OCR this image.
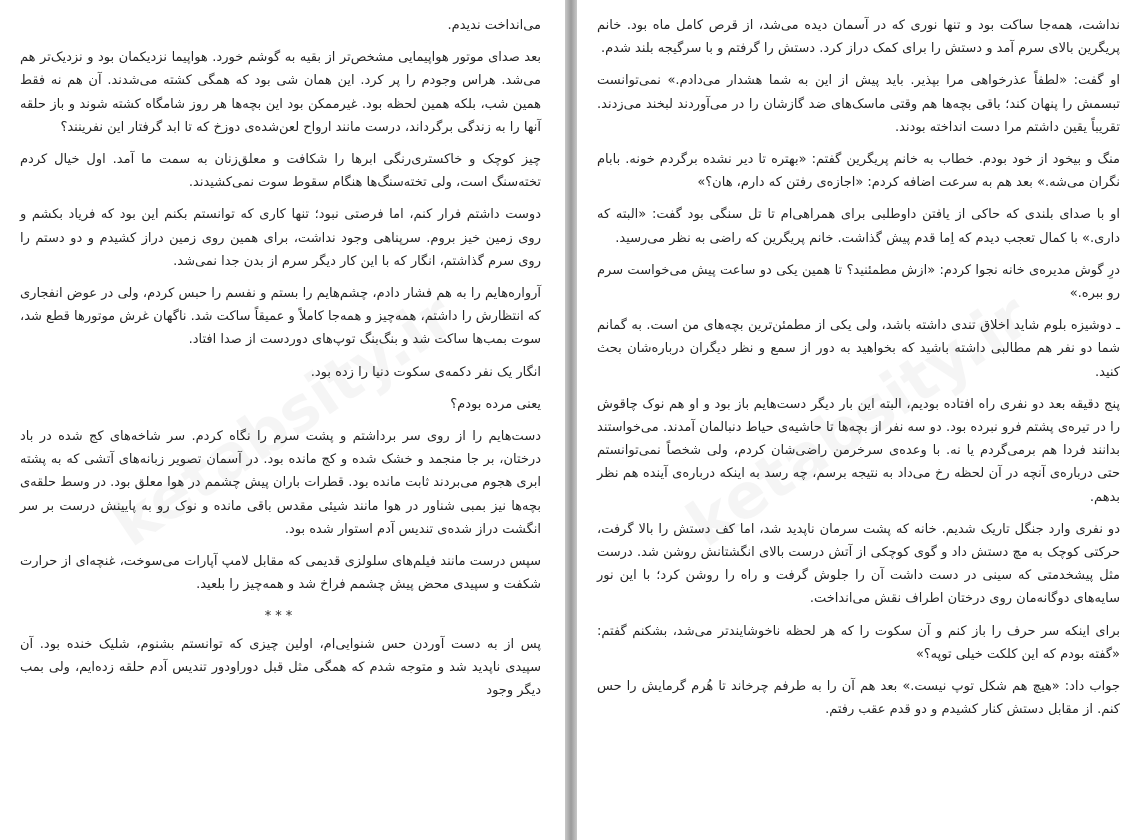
می‌انداخت ندیدم.

بعد صدای موتور هواپیمایی مشخص‌تر از بقیه به گوشم خورد. هواپیما نزدیکمان بود و نزدیک‌تر هم می‌شد. هراس وجودم را پر کرد. این همان شی بود که همگی کشته می‌شدند. آن هم نه فقط همین شب، بلکه همین لحظه بود. غیرممکن بود این بچه‌ها هر روز شامگاه کشته شوند و باز حلقه آنها را به زندگی برگرداند، درست مانند ارواح لعن‌شده‌ی دوزخ که تا ابد گرفتار این نفرینند؟

چیز کوچک و خاکستری‌رنگی ابرها را شکافت و معلق‌زنان به سمت ما آمد. اول خیال کردم تخته‌سنگ است، ولی تخته‌سنگ‌ها هنگام سقوط سوت نمی‌کشیدند.

دوست داشتم فرار کنم، اما فرصتی نبود؛ تنها کاری که توانستم بکنم این بود که فریاد بکشم و روی زمین خیز بروم. سرپناهی وجود نداشت، برای همین روی زمین دراز کشیدم و دو دستم را روی سرم گذاشتم، انگار که با این کار دیگر سرم از بدن جدا نمی‌شد.

آرواره‌هایم را به هم فشار دادم، چشم‌هایم را بستم و نفسم را حبس کردم، ولی در عوض انفجاری که انتظارش را داشتم، همه‌چیز و همه‌جا کاملاً و عمیقاً ساکت شد. ناگهان غرش موتورها قطع شد، سوت بمب‌ها ساکت شد و بنگ‌بنگ توپ‌های دوردست از صدا افتاد.

انگار یک نفر دکمه‌ی سکوت دنیا را زده بود.

یعنی مرده بودم؟

دست‌هایم را از روی سر برداشتم و پشت سرم را نگاه کردم. سر شاخه‌های کج شده در باد درختان، بر جا منجمد و خشک شده و کج مانده بود. در آسمان تصویر زبانه‌های آتشی که به پشته ابری هجوم می‌بردند ثابت مانده بود. قطرات باران پیش چشمم در هوا معلق بود. در وسط حلقه‌ی بچه‌ها نیز بمبی شناور در هوا مانند شیئی مقدس باقی مانده و نوک رو به پایینش درست بر سر انگشت دراز شده‌ی تندیس آدم استوار شده بود.

سپس درست مانند فیلم‌های سلولزی قدیمی که مقابل لامپ آپارات می‌سوخت، غنچه‌ای از حرارت شکفت و سپیدی محض پیش چشمم فراخ شد و همه‌چیز را بلعید.

***

پس از به دست آوردن حس شنوایی‌ام، اولین چیزی که توانستم بشنوم، شلیک خنده بود. آن سپیدی ناپدید شد و متوجه شدم که همگی مثل قبل دوراودور تندیس آدم حلقه زده‌ایم، ولی بمب دیگر وجود

نداشت، همه‌جا ساکت بود و تنها نوری که در آسمان دیده می‌شد، از قرص کامل ماه بود. خانم پریگرین بالای سرم آمد و دستش را برای کمک دراز کرد. دستش را گرفتم و با سرگیجه بلند شدم.

او گفت: «لطفاً عذرخواهی مرا بپذیر. باید پیش از این به شما هشدار می‌دادم.» نمی‌توانست تبسمش را پنهان کند؛ باقی بچه‌ها هم وقتی ماسک‌های ضد گازشان را در می‌آوردند لبخند می‌زدند. تقریباً یقین داشتم مرا دست انداخته بودند.

منگ و بیخود از خود بودم. خطاب به خانم پریگرین گفتم: «بهتره تا دیر نشده برگردم خونه. بابام نگران می‌شه.» بعد هم به سرعت اضافه کردم: «اجازه‌ی رفتن که دارم، هان؟»

او با صدای بلندی که حاکی از یافتن داوطلبی برای همراهی‌ام تا تل سنگی بود گفت: «البته که داری.» با کمال تعجب دیدم که اِما قدم پیش گذاشت. خانم پریگرین که راضی به نظر می‌رسید.

درِ گوش مدیره‌ی خانه نجوا کردم: «ازش مطمئنید؟ تا همین یکی دو ساعت پیش می‌خواست سرم رو ببره.»

ـ دوشیزه بلوم شاید اخلاق تندی داشته باشد، ولی یکی از مطمئن‌ترین بچه‌های من است. به گمانم شما دو نفر هم مطالبی داشته باشید که بخواهید به دور از سمع و نظر دیگران درباره‌شان بحث کنید.

پنج دقیقه بعد دو نفری راه افتاده بودیم، البته این بار دیگر دست‌هایم باز بود و او هم نوک چاقوش را در تیره‌ی پشتم فرو نبرده بود. دو سه نفر از بچه‌ها تا حاشیه‌ی حیاط دنبالمان آمدند. می‌خواستند بدانند فردا هم برمی‌گردم یا نه. با وعده‌ی سرخرمن راضی‌شان کردم، ولی شخصاً نمی‌توانستم حتی درباره‌ی آنچه در آن لحظه رخ می‌داد به نتیجه برسم، چه رسد به اینکه درباره‌ی آینده هم نظر بدهم.

دو نفری وارد جنگل تاریک شدیم. خانه که پشت سرمان ناپدید شد، اما کف دستش را بالا گرفت، حرکتی کوچک به مچ دستش داد و گوی کوچکی از آتش درست بالای انگشتانش روشن شد. درست مثل پیشخدمتی که سینی در دست داشت آن را جلوش گرفت و راه را روشن کرد؛ با این نور سایه‌های دوگانه‌مان روی درختان اطراف نقش می‌انداخت.

برای اینکه سر حرف را باز کنم و آن سکوت را که هر لحظه ناخوشایندتر می‌شد، بشکنم گفتم: «گفته بودم که این کلکت خیلی توپه؟»

جواب داد: «هیچ هم شکل توپ نیست.» بعد هم آن را به طرفم چرخاند تا هُرم گرمایش را حس کنم. از مقابل دستش کنار کشیدم و دو قدم عقب رفتم.
